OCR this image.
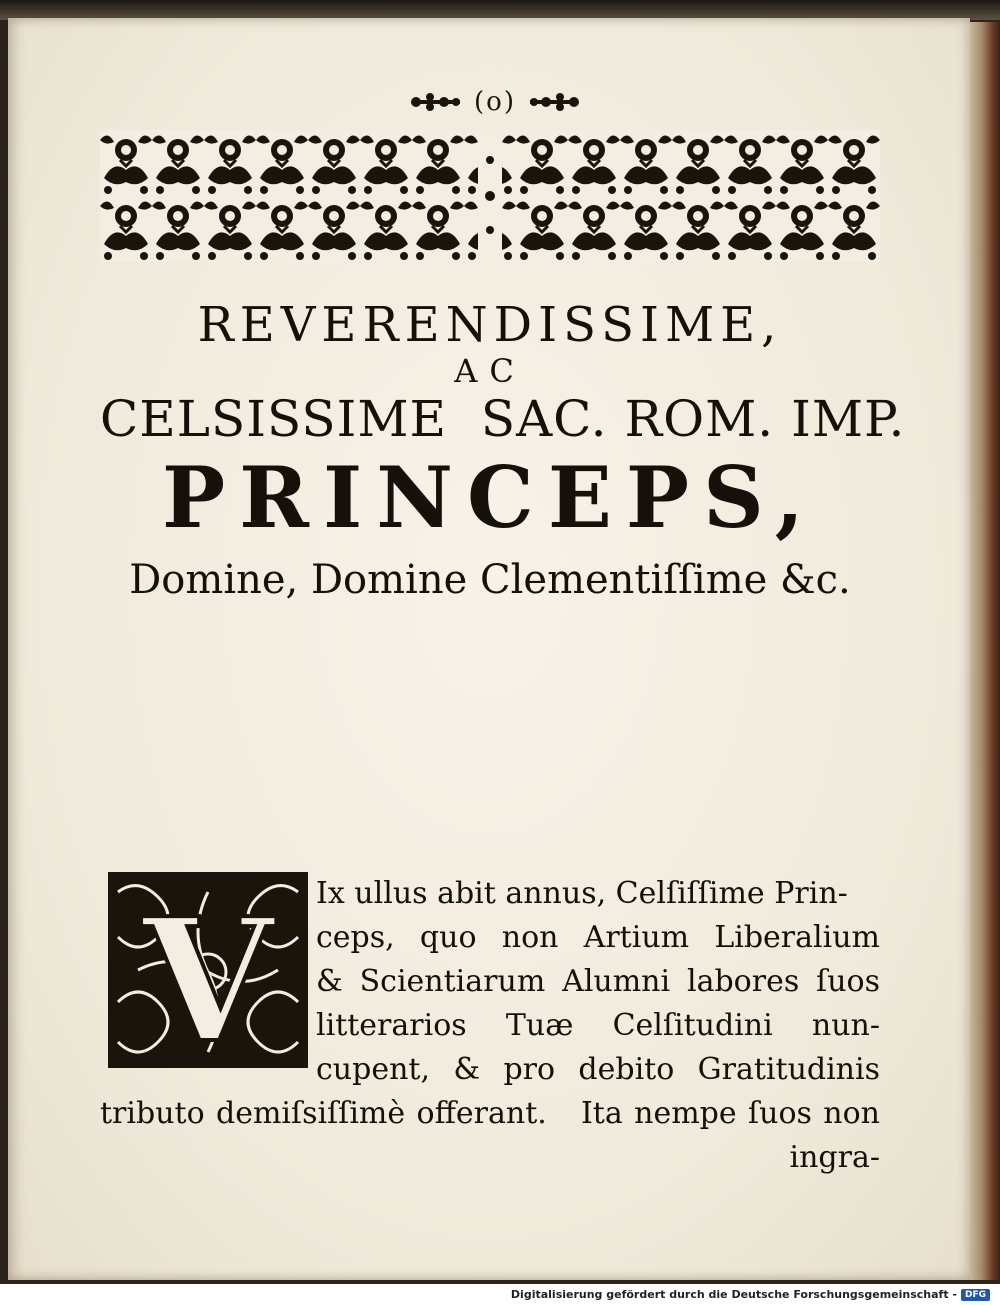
(o)
REVERENDISSIME,
AC
CELSISSIME  SAC. ROM. IMP.
PRINCEPS,
Domine, Domine Clementiſſime &c.
V Ix ullus abit annus, Celſiſſime Prin-
ceps, quo non Artium Liberalium
& Scientiarum Alumni labores ſuos
litterarios Tuæ Celſitudini nun-
cupent, & pro debito Gratitudinis
tributo demiſsiſſimè offerant.   Ita nempe ſuos non
ingra-
Digitalisierung gefördert durch die Deutsche Forschungsgemeinschaft - DFG
